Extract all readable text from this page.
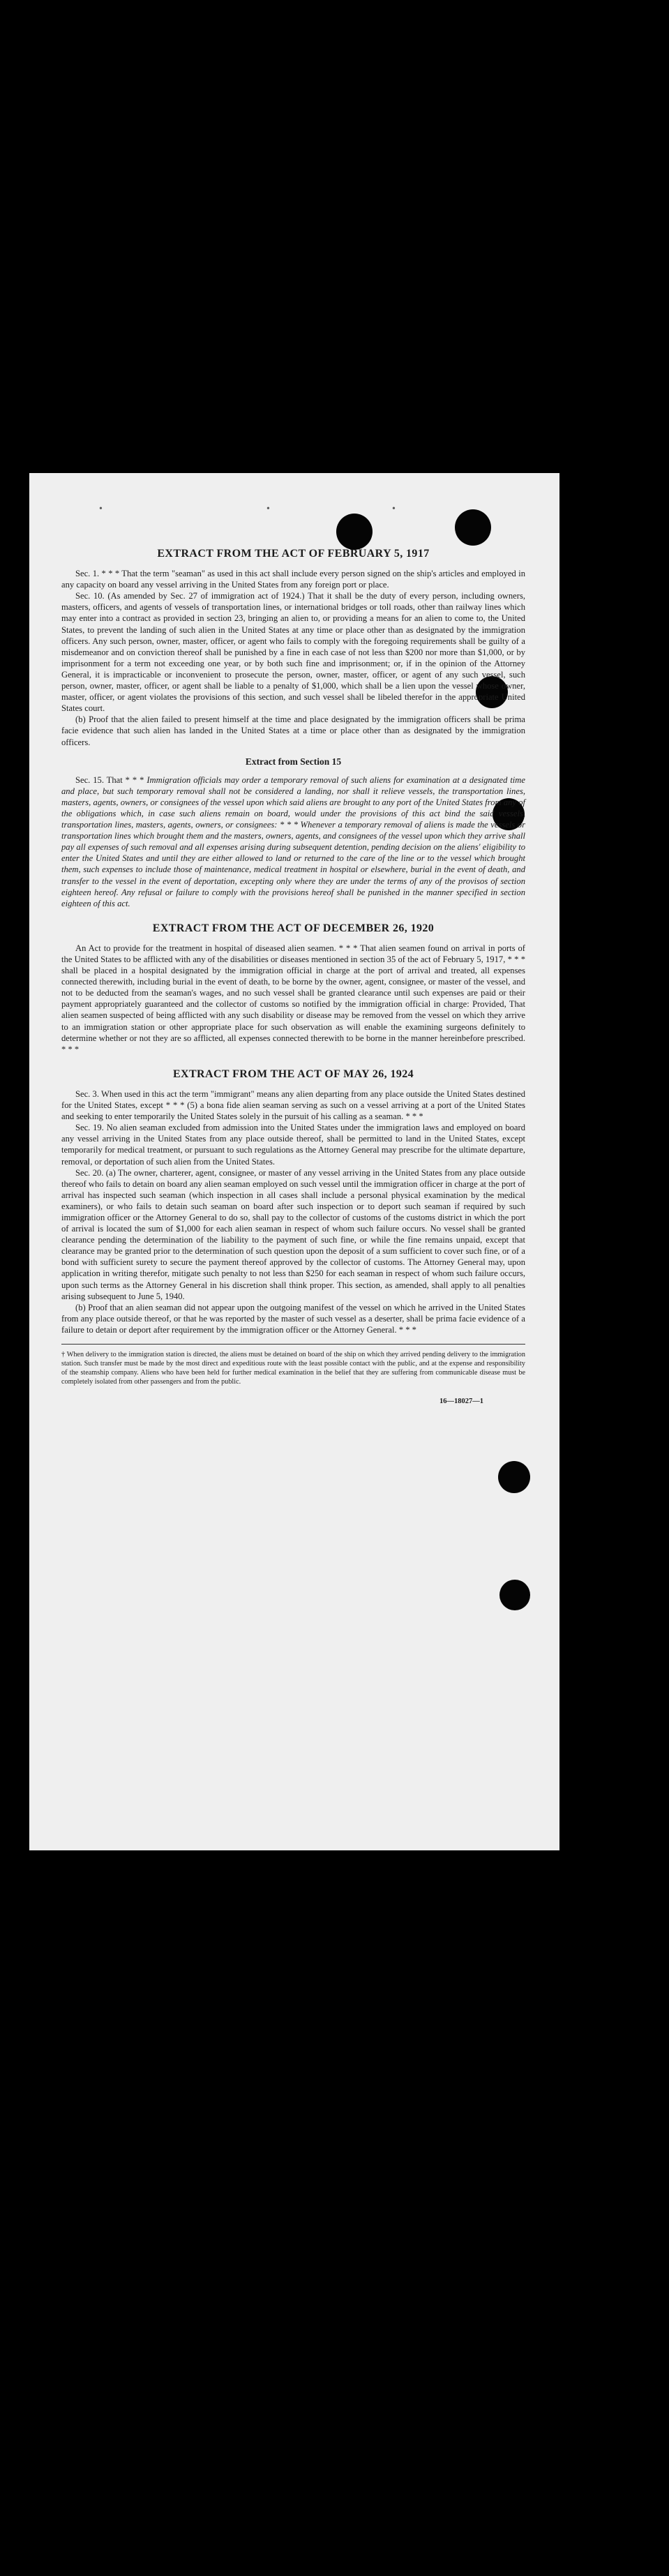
•	•	•
EXTRACT FROM THE ACT OF FEBRUARY 5, 1917

Sec. 1. * * * That the term "seaman" as used in this act shall include every person signed on the ship's articles and employed in any capacity on board any vessel arriving in the United States from any foreign port or place.

Sec. 10. (As amended by Sec. 27 of immigration act of 1924.) That it shall be the duty of every person, including owners, masters, officers, and agents of vessels of transportation lines, or international bridges or toll roads, other than railway lines which may enter into a contract as provided in section 23, bringing an alien to, or providing a means for an alien to come to, the United States, to prevent the landing of such alien in the United States at any time or place other than as designated by the immigration officers. Any such person, owner, master, officer, or agent who fails to comply with the foregoing requirements shall be guilty of a misdemeanor and on conviction thereof shall be punished by a fine in each case of not less than $200 nor more than $1,000, or by imprisonment for a term not exceeding one year, or by both such fine and imprisonment; or, if in the opinion of the Attorney General, it is impracticable or inconvenient to prosecute the person, owner, master, officer, or agent of any such vessel, such person, owner, master, officer, or agent shall be liable to a penalty of $1,000, which shall be a lien upon the vessel whose owner, master, officer, or agent violates the provisions of this section, and such vessel shall be libeled therefor in the appropriate United States court.

(b) Proof that the alien failed to present himself at the time and place designated by the immigration officers shall be prima facie evidence that such alien has landed in the United States at a time or place other than as designated by the immigration officers.

Extract from Section 15

Sec. 15. That * * * Immigration officials may order a temporary removal of such aliens for examination at a designated time and place, but such temporary removal shall not be considered a landing, nor shall it relieve vessels, the transportation lines, masters, agents, owners, or consignees of the vessel upon which said aliens are brought to any port of the United States from any of the obligations which, in case such aliens remain on board, would under the provisions of this act bind the said vessels, transportation lines, masters, agents, owners, or consignees: * * * Whenever a temporary removal of aliens is made the vessels or transportation lines which brought them and the masters, owners, agents, and consignees of the vessel upon which they arrive shall pay all expenses of such removal and all expenses arising during subsequent detention, pending decision on the aliens' eligibility to enter the United States and until they are either allowed to land or returned to the care of the line or to the vessel which brought them, such expenses to include those of maintenance, medical treatment in hospital or elsewhere, burial in the event of death, and transfer to the vessel in the event of deportation, excepting only where they are under the terms of any of the provisos of section eighteen hereof. Any refusal or failure to comply with the provisions hereof shall be punished in the manner specified in section eighteen of this act.

EXTRACT FROM THE ACT OF DECEMBER 26, 1920

An Act to provide for the treatment in hospital of diseased alien seamen. * * * That alien seamen found on arrival in ports of the United States to be afflicted with any of the disabilities or diseases mentioned in section 35 of the act of February 5, 1917, * * * shall be placed in a hospital designated by the immigration official in charge at the port of arrival and treated, all expenses connected therewith, including burial in the event of death, to be borne by the owner, agent, consignee, or master of the vessel, and not to be deducted from the seaman's wages, and no such vessel shall be granted clearance until such expenses are paid or their payment appropriately guaranteed and the collector of customs so notified by the immigration official in charge: Provided, That alien seamen suspected of being afflicted with any such disability or disease may be removed from the vessel on which they arrive to an immigration station or other appropriate place for such observation as will enable the examining surgeons definitely to determine whether or not they are so afflicted, all expenses connected therewith to be borne in the manner hereinbefore prescribed. * * *

EXTRACT FROM THE ACT OF MAY 26, 1924

Sec. 3. When used in this act the term "immigrant" means any alien departing from any place outside the United States destined for the United States, except * * * (5) a bona fide alien seaman serving as such on a vessel arriving at a port of the United States and seeking to enter temporarily the United States solely in the pursuit of his calling as a seaman. * * *

Sec. 19. No alien seaman excluded from admission into the United States under the immigration laws and employed on board any vessel arriving in the United States from any place outside thereof, shall be permitted to land in the United States, except temporarily for medical treatment, or pursuant to such regulations as the Attorney General may prescribe for the ultimate departure, removal, or deportation of such alien from the United States.

Sec. 20. (a) The owner, charterer, agent, consignee, or master of any vessel arriving in the United States from any place outside thereof who fails to detain on board any alien seaman employed on such vessel until the immigration officer in charge at the port of arrival has inspected such seaman (which inspection in all cases shall include a personal physical examination by the medical examiners), or who fails to detain such seaman on board after such inspection or to deport such seaman if required by such immigration officer or the Attorney General to do so, shall pay to the collector of customs of the customs district in which the port of arrival is located the sum of $1,000 for each alien seaman in respect of whom such failure occurs. No vessel shall be granted clearance pending the determination of the liability to the payment of such fine, or while the fine remains unpaid, except that clearance may be granted prior to the determination of such question upon the deposit of a sum sufficient to cover such fine, or of a bond with sufficient surety to secure the payment thereof approved by the collector of customs. The Attorney General may, upon application in writing therefor, mitigate such penalty to not less than $250 for each seaman in respect of whom such failure occurs, upon such terms as the Attorney General in his discretion shall think proper. This section, as amended, shall apply to all penalties arising subsequent to June 5, 1940.

(b) Proof that an alien seaman did not appear upon the outgoing manifest of the vessel on which he arrived in the United States from any place outside thereof, or that he was reported by the master of such vessel as a deserter, shall be prima facie evidence of a failure to detain or deport after requirement by the immigration officer or the Attorney General. * * *

† When delivery to the immigration station is directed, the aliens must be detained on board of the ship on which they arrived pending delivery to the immigration station. Such transfer must be made by the most direct and expeditious route with the least possible contact with the public, and at the expense and responsibility of the steamship company. Aliens who have been held for further medical examination in the belief that they are suffering from communicable disease must be completely isolated from other passengers and from the public.

16—18027—1
